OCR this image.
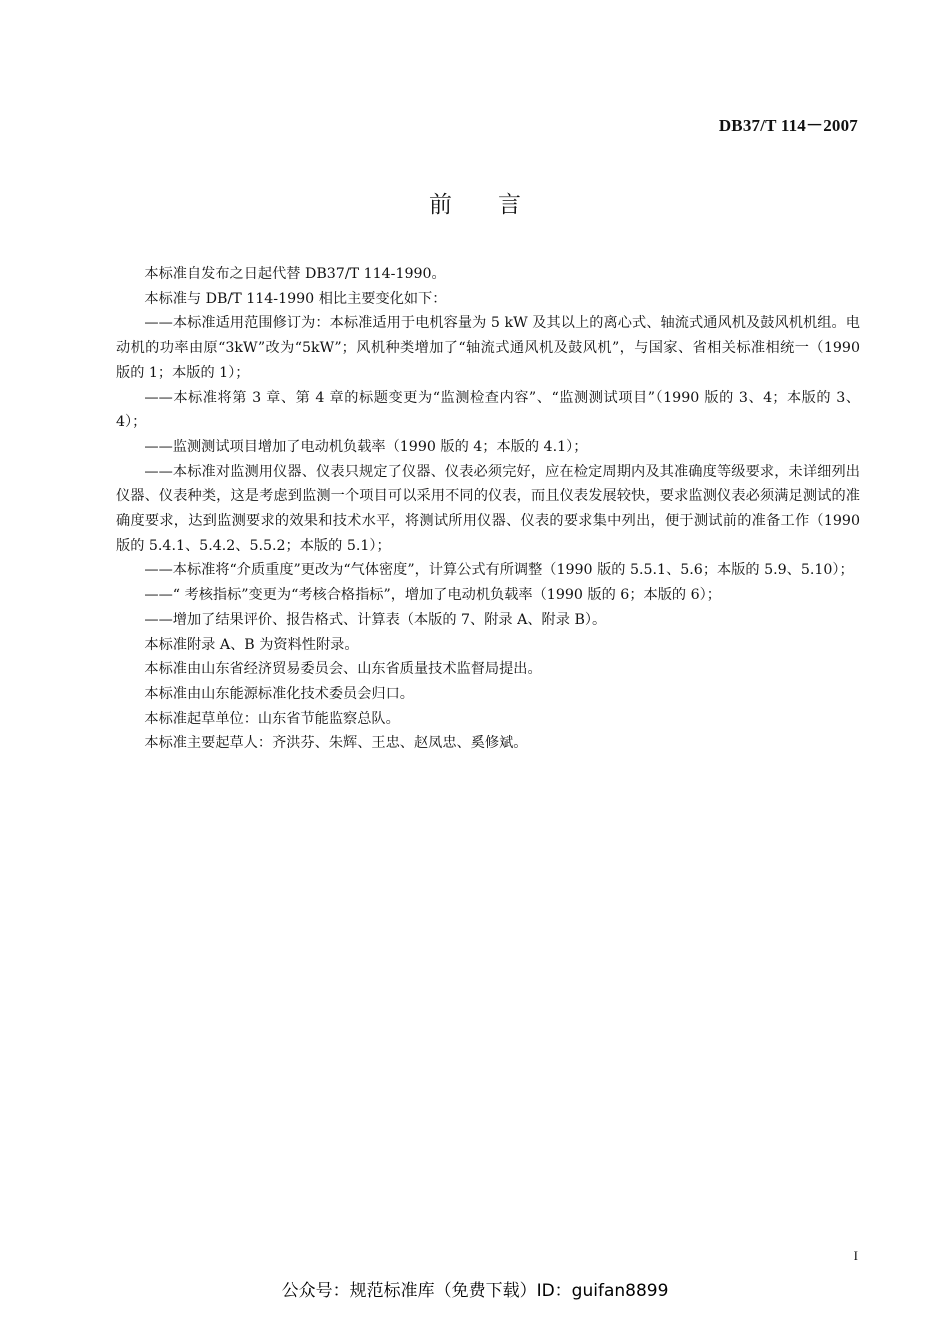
DB37/T 114－2007
前言

本标准自发布之日起代替 DB37/T 114-1990。

本标准与 DB/T 114-1990 相比主要变化如下：

——本标准适用范围修订为：本标准适用于电机容量为 5 kW 及其以上的离心式、轴流式通风机及鼓风机机组。电动机的功率由原“3kW”改为“5kW”；风机种类增加了“轴流式通风机及鼓风机”，与国家、省相关标准相统一（1990 版的 1；本版的 1）；

——本标准将第 3 章、第 4 章的标题变更为“监测检查内容”、“监测测试项目”（1990 版的 3、4；本版的 3、4）；

——监测测试项目增加了电动机负载率（1990 版的 4；本版的 4.1）；

——本标准对监测用仪器、仪表只规定了仪器、仪表必须完好，应在检定周期内及其准确度等级要求，未详细列出仪器、仪表种类，这是考虑到监测一个项目可以采用不同的仪表，而且仪表发展较快，要求监测仪表必须满足测试的准确度要求，达到监测要求的效果和技术水平，将测试所用仪器、仪表的要求集中列出，便于测试前的准备工作（1990 版的 5.4.1、5.4.2、5.5.2；本版的 5.1）；

——本标准将“介质重度”更改为“气体密度”，计算公式有所调整（1990 版的 5.5.1、5.6；本版的 5.9、5.10）；

——“ 考核指标”变更为“考核合格指标”，增加了电动机负载率（1990 版的 6；本版的 6）；

——增加了结果评价、报告格式、计算表（本版的 7、附录 A、附录 B）。

本标准附录 A、B 为资料性附录。

本标准由山东省经济贸易委员会、山东省质量技术监督局提出。

本标准由山东能源标准化技术委员会归口。

本标准起草单位：山东省节能监察总队。

本标准主要起草人：齐洪芬、朱辉、王忠、赵凤忠、奚修斌。

I
公众号：规范标准库（免费下载）ID：guifan8899
